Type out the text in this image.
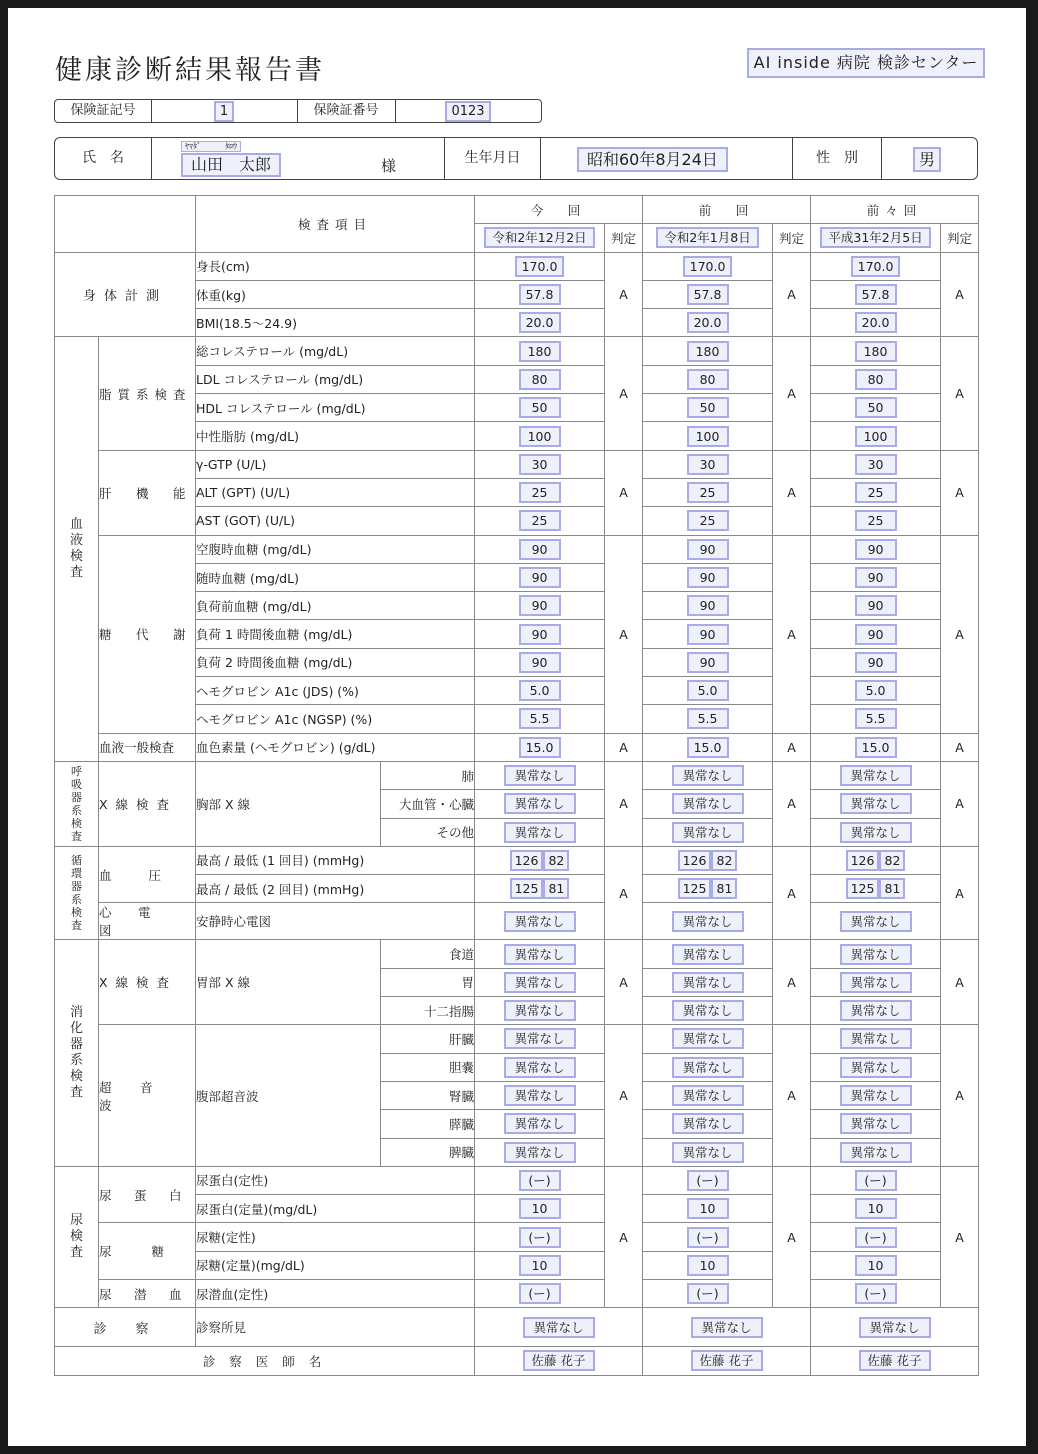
健康診断結果報告書	AI inside 病院 検診センター
保険証記号	1	保険証番号	0123
氏　名
ﾔﾏﾀﾞ	ﾀﾛｳ
山田　太郎	様	生年月日	昭和60年8月24日	性　別	男
		検査項目		今　回		前　回		前々回	
				令和2年12月2日	判定	令和2年1月8日	判定	平成31年2月5日	判定
身体計測		身長(cm)		170.0	A	170.0	A	170.0	A
		体重(kg)		57.8		57.8		57.8	
		BMI(18.5〜24.9)		20.0		20.0		20.0	

血液検査	脂質系検査	総コレステロール (mg/dL)		180	A	180	A	180	A
		LDL コレステロール (mg/dL)		80		80		80	
		HDL コレステロール (mg/dL)		50		50		50	
		中性脂肪 (mg/dL)		100		100		100	
	肝　機　能	γ-GTP (U/L)		30	A	30	A	30	A
		ALT (GPT) (U/L)		25		25		25	
		AST (GOT) (U/L)		25		25		25	
	糖　代　謝	空腹時血糖 (mg/dL)		90	A	90	A	90	A
		随時血糖 (mg/dL)		90		90		90	
		負荷前血糖 (mg/dL)		90		90		90	
		負荷 1 時間後血糖 (mg/dL)		90		90		90	
		負荷 2 時間後血糖 (mg/dL)		90		90		90	
		ヘモグロビン A1c (JDS) (%)		5.0		5.0		5.0	
		ヘモグロビン A1c (NGSP) (%)		5.5		5.5		5.5	
	血液一般検査	血色素量 (ヘモグロビン) (g/dL)		15.0	A	15.0	A	15.0	A

呼吸器系検査	X 線 検 査	胸部 X 線	肺	異常なし	A	異常なし	A	異常なし	A
			大血管・心臓	異常なし		異常なし		異常なし	
			その他	異常なし		異常なし		異常なし	

循環器系検査	血　　圧	最高 / 最低 (1 回目) (mmHg)		126 82	A	126 82	A	126 82	A
		最高 / 最低 (2 回目) (mmHg)		125 81		125 81		125 81	
	心　電　図	安静時心電図		異常なし		異常なし		異常なし	

消化器系検査	X 線 検 査	胃部 X 線	食道	異常なし	A	異常なし	A	異常なし	A
			胃	異常なし		異常なし		異常なし	
			十二指腸	異常なし		異常なし		異常なし	
	超　音　波	腹部超音波	肝臓	異常なし	A	異常なし	A	異常なし	A
			胆嚢	異常なし		異常なし		異常なし	
			腎臓	異常なし		異常なし		異常なし	
			膵臓	異常なし		異常なし		異常なし	
			脾臓	異常なし		異常なし		異常なし	

尿検査	尿　蛋　白	尿蛋白(定性)		(ー)	A	(ー)	A	(ー)	A
		尿蛋白(定量)(mg/dL)		10		10		10	
	尿　　糖	尿糖(定性)		(ー)		(ー)		(ー)	
		尿糖(定量)(mg/dL)		10		10		10	
	尿　潜　血	尿潜血(定性)		(ー)		(ー)		(ー)	
診　察		診察所見		異常なし		異常なし		異常なし	
診 察 医 師 名				佐藤 花子		佐藤 花子		佐藤 花子	
